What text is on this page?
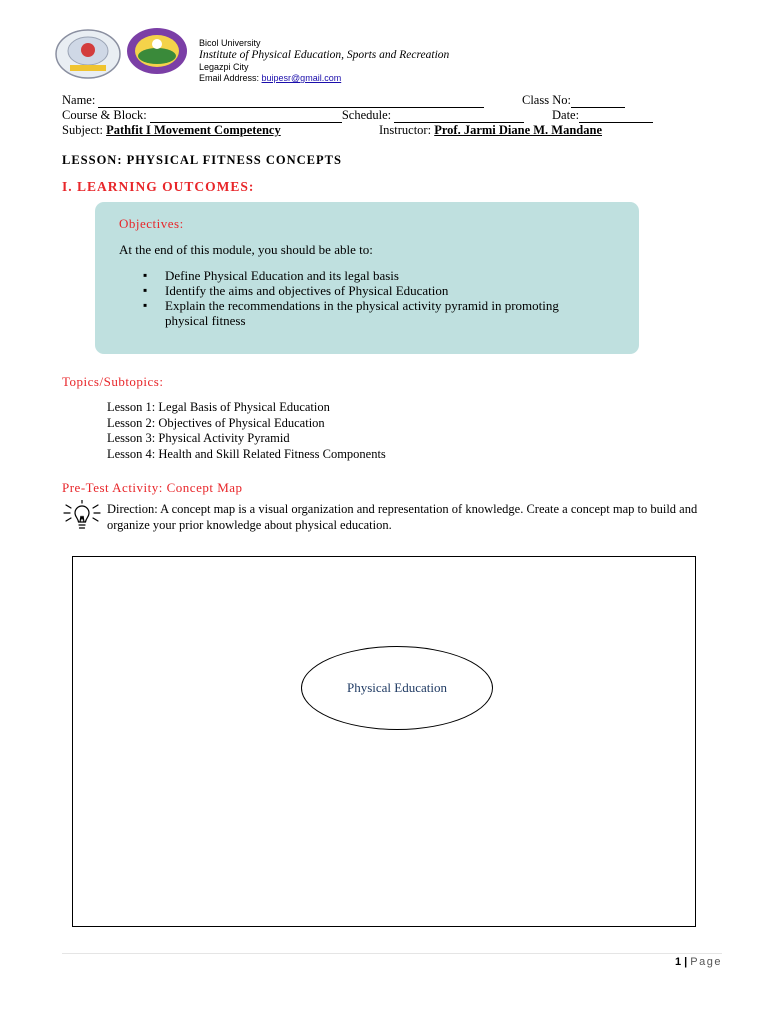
Bicol University
Institute of Physical Education, Sports and Recreation
Legazpi City
Email Address: buipesr@gmail.com
Name:	Class No:
Course & Block:	Schedule:	Date:
Subject: Pathfit I Movement Competency	Instructor: Prof. Jarmi Diane M. Mandane
LESSON: PHYSICAL FITNESS CONCEPTS
I. LEARNING OUTCOMES:
Objectives:
At the end of this module, you should be able to:
▪ Define Physical Education and its legal basis
▪ Identify the aims and objectives of Physical Education
▪ Explain the recommendations in the physical activity pyramid in promoting physical fitness
Topics/Subtopics:
Lesson 1: Legal Basis of Physical Education
Lesson 2: Objectives of Physical Education
Lesson 3: Physical Activity Pyramid
Lesson 4: Health and Skill Related Fitness Components
Pre-Test Activity: Concept Map
Direction: A concept map is a visual organization and representation of knowledge. Create a concept map to build and organize your prior knowledge about physical education.
Physical Education
1 | Page
